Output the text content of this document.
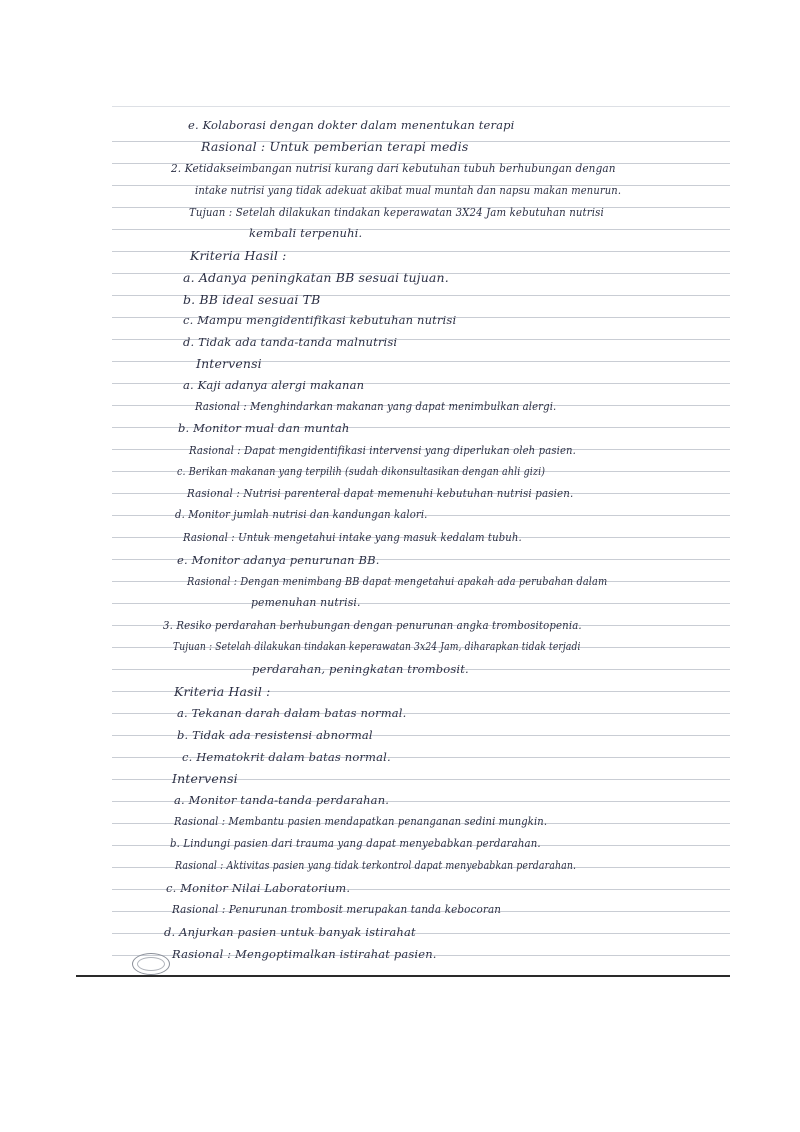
e. Kolaborasi dengan dokter dalam menentukan terapi
Rasional : Untuk pemberian terapi medis
2. Ketidakseimbangan nutrisi kurang dari kebutuhan tubuh berhubungan dengan
intake nutrisi yang tidak adekuat akibat mual muntah dan napsu makan menurun.
Tujuan : Setelah dilakukan tindakan keperawatan 3X24 Jam kebutuhan nutrisi
kembali terpenuhi.
Kriteria Hasil :
a. Adanya peningkatan BB sesuai tujuan.
b. BB ideal sesuai TB
c. Mampu mengidentifikasi kebutuhan nutrisi
d. Tidak ada tanda-tanda malnutrisi
Intervensi
a. Kaji adanya alergi makanan
Rasional : Menghindarkan makanan yang dapat menimbulkan alergi.
b. Monitor mual dan muntah
Rasional : Dapat mengidentifikasi intervensi yang diperlukan oleh pasien.
c. Berikan makanan yang terpilih (sudah dikonsultasikan dengan ahli gizi)
Rasional : Nutrisi parenteral dapat memenuhi kebutuhan nutrisi pasien.
d. Monitor jumlah nutrisi dan kandungan kalori.
Rasional : Untuk mengetahui intake yang masuk kedalam tubuh.
e. Monitor adanya penurunan BB.
Rasional : Dengan menimbang BB dapat mengetahui apakah ada perubahan dalam
pemenuhan nutrisi.
3. Resiko perdarahan berhubungan dengan penurunan angka trombositopenia.
Tujuan : Setelah dilakukan tindakan keperawatan 3x24 Jam, diharapkan tidak terjadi
perdarahan, peningkatan trombosit.
Kriteria Hasil :
a. Tekanan darah dalam batas normal.
b. Tidak ada resistensi abnormal
c. Hematokrit dalam batas normal.
Intervensi
a. Monitor tanda-tanda perdarahan.
Rasional : Membantu pasien mendapatkan penanganan sedini mungkin.
b. Lindungi pasien dari trauma yang dapat menyebabkan perdarahan.
Rasional : Aktivitas pasien yang tidak terkontrol dapat menyebabkan perdarahan.
c. Monitor Nilai Laboratorium.
Rasional : Penurunan trombosit merupakan tanda kebocoran
d. Anjurkan pasien untuk banyak istirahat
Rasional : Mengoptimalkan istirahat pasien.
